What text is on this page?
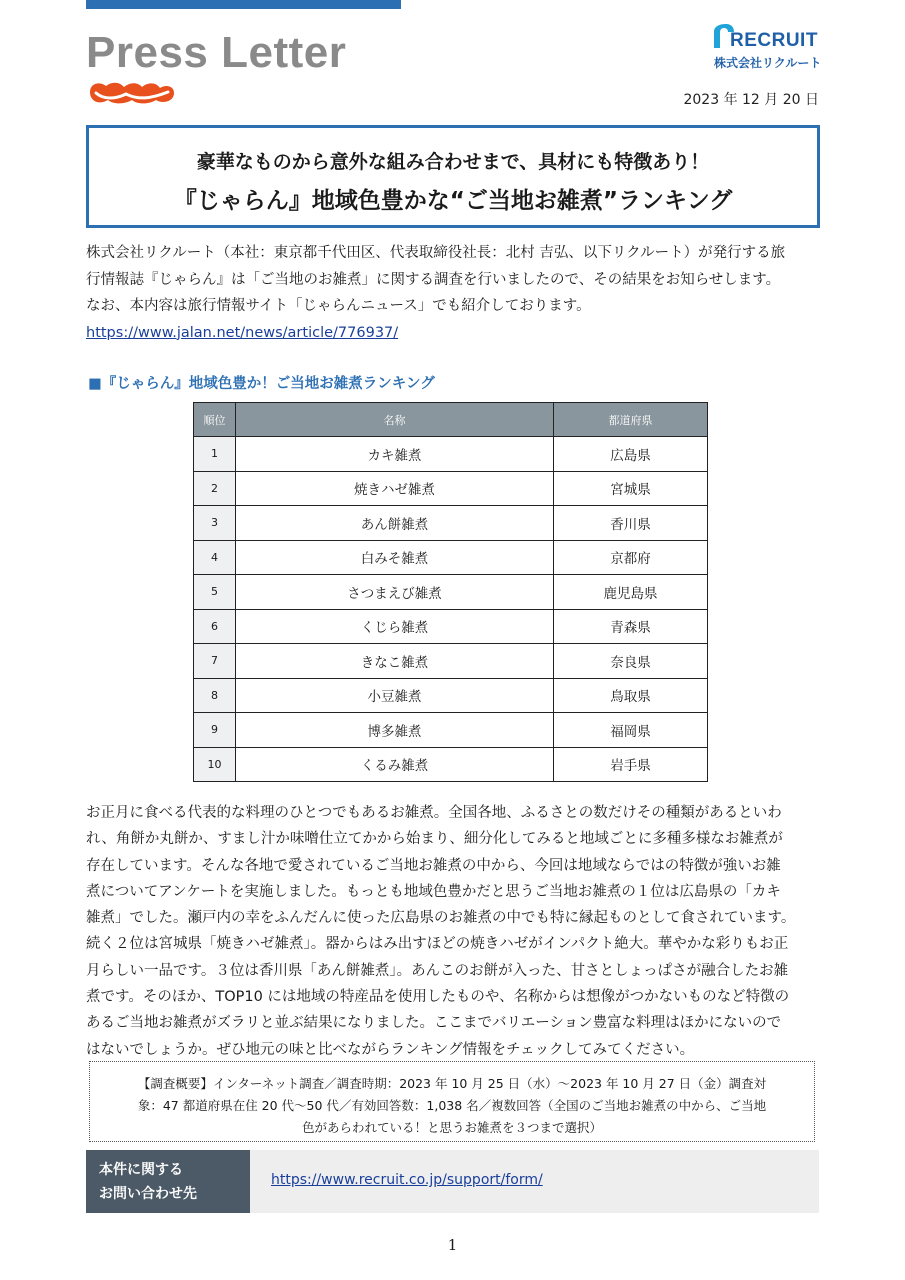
Press Letter	RECRUIT
株式会社リクルート
2023 年 12 月 20 日
豪華なものから意外な組み合わせまで、具材にも特徴あり！
『じゃらん』地域色豊かな“ご当地お雑煮”ランキング

株式会社リクルート（本社：東京都千代田区、代表取締役社長：北村 吉弘、以下リクルート）が発行する旅

行情報誌『じゃらん』は「ご当地のお雑煮」に関する調査を行いましたので、その結果をお知らせします。

なお、本内容は旅行情報サイト「じゃらんニュース」でも紹介しております。

https://www.jalan.net/news/article/776937/

■『じゃらん』地域色豊か！ご当地お雑煮ランキング
順位	名称	都道府県
1	カキ雑煮	広島県
2	焼きハゼ雑煮	宮城県
3	あん餅雑煮	香川県
4	白みそ雑煮	京都府
5	さつまえび雑煮	鹿児島県
6	くじら雑煮	青森県
7	きなこ雑煮	奈良県
8	小豆雑煮	鳥取県
9	博多雑煮	福岡県
10	くるみ雑煮	岩手県

お正月に食べる代表的な料理のひとつでもあるお雑煮。全国各地、ふるさとの数だけその種類があるといわ

れ、角餅か丸餅か、すまし汁か味噌仕立てかから始まり、細分化してみると地域ごとに多種多様なお雑煮が

存在しています。そんな各地で愛されているご当地お雑煮の中から、今回は地域ならではの特徴が強いお雑

煮についてアンケートを実施しました。もっとも地域色豊かだと思うご当地お雑煮の１位は広島県の「カキ

雑煮」でした。瀬戸内の幸をふんだんに使った広島県のお雑煮の中でも特に縁起ものとして食されています。

続く２位は宮城県「焼きハゼ雑煮」。器からはみ出すほどの焼きハゼがインパクト絶大。華やかな彩りもお正

月らしい一品です。３位は香川県「あん餅雑煮」。あんこのお餅が入った、甘さとしょっぱさが融合したお雑

煮です。そのほか、TOP10 には地域の特産品を使用したものや、名称からは想像がつかないものなど特徴の

あるご当地お雑煮がズラリと並ぶ結果になりました。ここまでバリエーション豊富な料理はほかにないので

はないでしょうか。ぜひ地元の味と比べながらランキング情報をチェックしてみてください。

【調査概要】インターネット調査／調査時期：2023 年 10 月 25 日（水）～2023 年 10 月 27 日（金）調査対

象：47 都道府県在住 20 代～50 代／有効回答数：1,038 名／複数回答（全国のご当地お雑煮の中から、ご当地

色があらわれている！と思うお雑煮を３つまで選択）

本件に関する

お問い合わせ先

https://www.recruit.co.jp/support/form/
1
